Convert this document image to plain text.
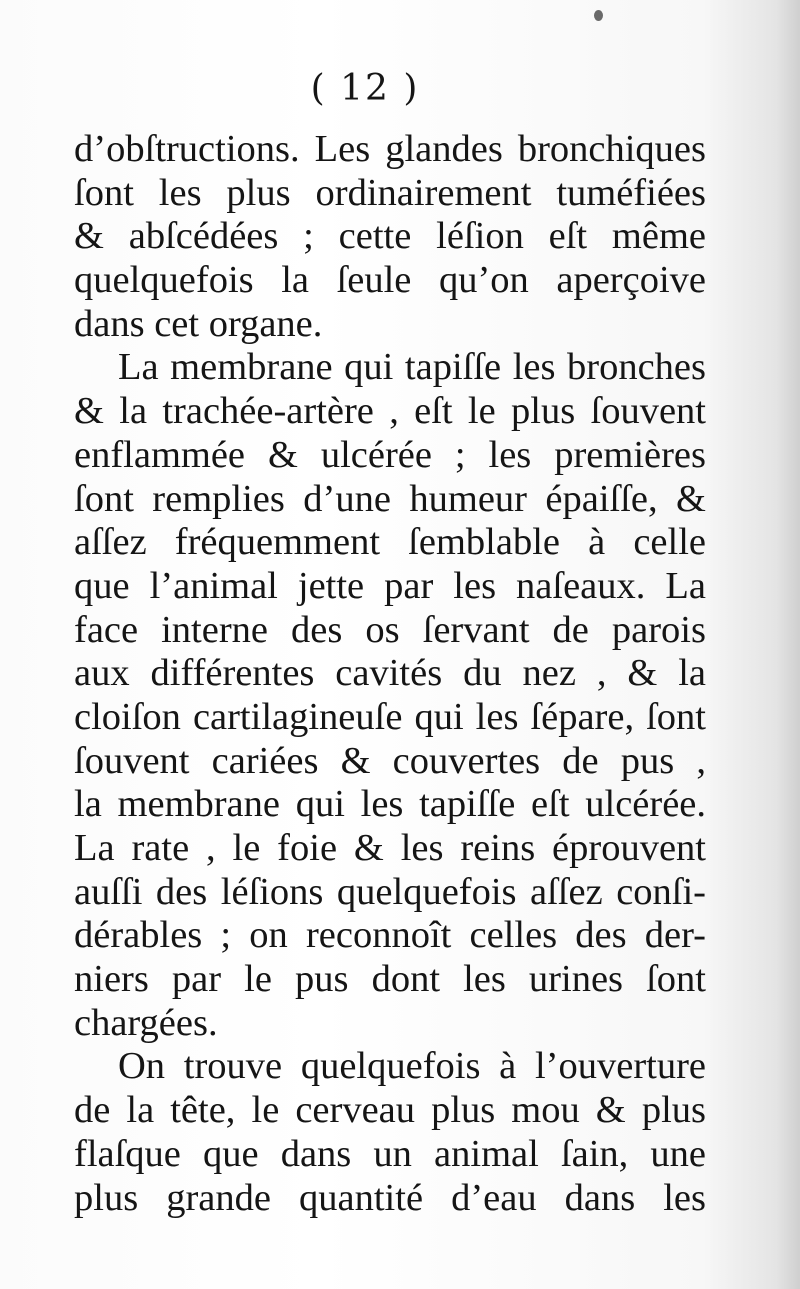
( 12 )
d’obſtructions. Les glandes bronchiques
ſont les plus ordinairement tuméfiées
& abſcédées ; cette léſion eſt même
quelquefois la ſeule qu’on aperçoive
dans cet organe.
La membrane qui tapiſſe les bronches
& la trachée-artère , eſt le plus ſouvent
enflammée & ulcérée ; les premières
ſont remplies d’une humeur épaiſſe, &
aſſez fréquemment ſemblable à celle
que l’animal jette par les naſeaux. La
face interne des os ſervant de parois
aux différentes cavités du nez , & la
cloiſon cartilagineuſe qui les ſépare, ſont
ſouvent cariées & couvertes de pus ,
la membrane qui les tapiſſe eſt ulcérée.
La rate , le foie & les reins éprouvent
auſſi des léſions quelquefois aſſez conſi-
dérables ; on reconnoît celles des der-
niers par le pus dont les urines ſont
chargées.
On trouve quelquefois à l’ouverture
de la tête, le cerveau plus mou & plus
flaſque que dans un animal ſain, une
plus grande quantité d’eau dans les
